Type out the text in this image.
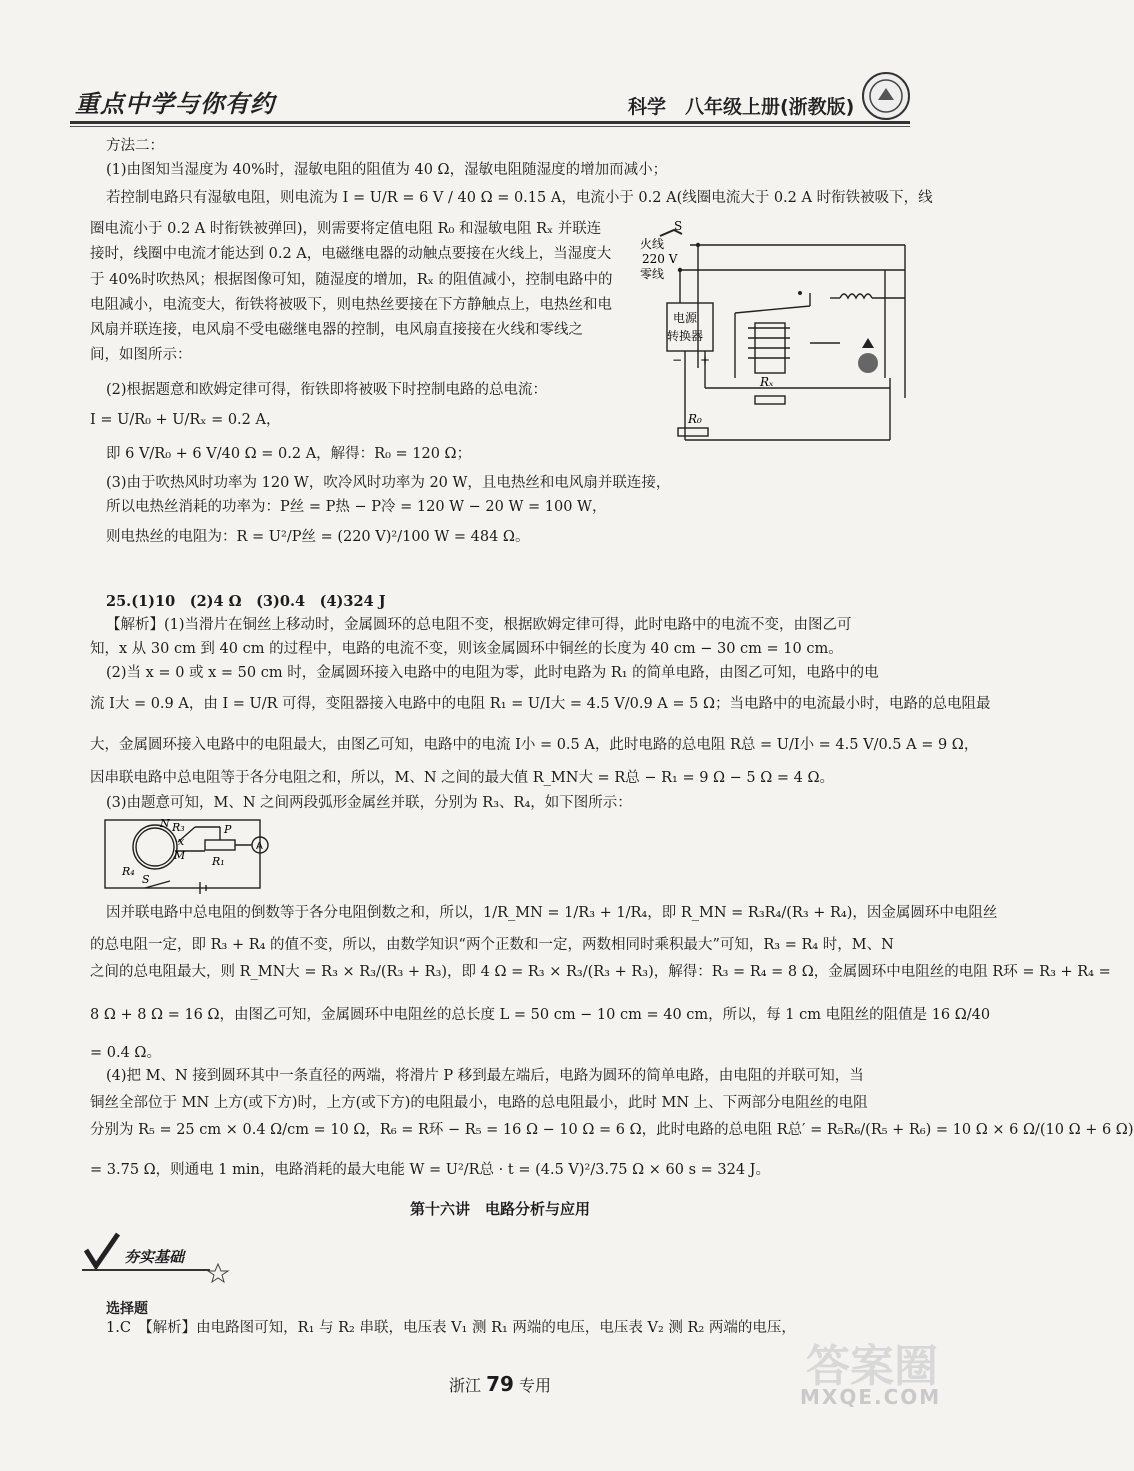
重点中学与你有约	科学　八年级上册(浙教版)
方法二：
(1)由图知当湿度为 40%时，湿敏电阻的阻值为 40 Ω，湿敏电阻随湿度的增加而减小；
若控制电路只有湿敏电阻，则电流为 I = U/R = 6 V / 40 Ω = 0.15 A，电流小于 0.2 A(线圈电流大于 0.2 A 时衔铁被吸下，线
圈电流小于 0.2 A 时衔铁被弹回)，则需要将定值电阻 R₀ 和湿敏电阻 Rₓ 并联连
接时，线圈中电流才能达到 0.2 A，电磁继电器的动触点要接在火线上，当湿度大
于 40%时吹热风；根据图像可知，随湿度的增加，Rₓ 的阻值减小，控制电路中的
电阻减小，电流变大，衔铁将被吸下，则电热丝要接在下方静触点上，电热丝和电
风扇并联连接，电风扇不受电磁继电器的控制，电风扇直接接在火线和零线之
间，如图所示：
(2)根据题意和欧姆定律可得，衔铁即将被吸下时控制电路的总电流：
I = U/R₀ + U/Rₓ = 0.2 A，
即 6 V/R₀ + 6 V/40 Ω = 0.2 A，解得：R₀ = 120 Ω；
(3)由于吹热风时功率为 120 W，吹冷风时功率为 20 W，且电热丝和电风扇并联连接，
所以电热丝消耗的功率为：P丝 = P热 − P冷 = 120 W − 20 W = 100 W，
则电热丝的电阻为：R = U²/P丝 = (220 V)²/100 W = 484 Ω。
火线
220 V
零线
S
电源
转换器
− +
Rₓ
R₀
25.(1)10　(2)4 Ω　(3)0.4　(4)324 J
【解析】(1)当滑片在铜丝上移动时，金属圆环的总电阻不变，根据欧姆定律可得，此时电路中的电流不变，由图乙可
知，x 从 30 cm 到 40 cm 的过程中，电路的电流不变，则该金属圆环中铜丝的长度为 40 cm − 30 cm = 10 cm。
(2)当 x = 0 或 x = 50 cm 时，金属圆环接入电路中的电阻为零，此时电路为 R₁ 的简单电路，由图乙可知，电路中的电
流 I大 = 0.9 A，由 I = U/R 可得，变阻器接入电路中的电阻 R₁ = U/I大 = 4.5 V/0.9 A = 5 Ω；当电路中的电流最小时，电路的总电阻最
大，金属圆环接入电路中的电阻最大，由图乙可知，电路中的电流 I小 = 0.5 A，此时电路的总电阻 R总 = U/I小 = 4.5 V/0.5 A = 9 Ω，
因串联电路中总电阻等于各分电阻之和，所以，M、N 之间的最大值 R_MN大 = R总 − R₁ = 9 Ω − 5 Ω = 4 Ω。
(3)由题意可知，M、N 之间两段弧形金属丝并联，分别为 R₃、R₄，如下图所示：
N R₃
x
M
R₄
P
R₁
A
S
因并联电路中总电阻的倒数等于各分电阻倒数之和，所以，1/R_MN = 1/R₃ + 1/R₄，即 R_MN = R₃R₄/(R₃ + R₄)，因金属圆环中电阻丝
的总电阻一定，即 R₃ + R₄ 的值不变，所以，由数学知识“两个正数和一定，两数相同时乘积最大”可知，R₃ = R₄ 时，M、N
之间的总电阻最大，则 R_MN大 = R₃ × R₃/(R₃ + R₃)，即 4 Ω = R₃ × R₃/(R₃ + R₃)，解得：R₃ = R₄ = 8 Ω，金属圆环中电阻丝的电阻 R环 = R₃ + R₄ =
8 Ω + 8 Ω = 16 Ω，由图乙可知，金属圆环中电阻丝的总长度 L = 50 cm − 10 cm = 40 cm，所以，每 1 cm 电阻丝的阻值是 16 Ω/40
= 0.4 Ω。
(4)把 M、N 接到圆环其中一条直径的两端，将滑片 P 移到最左端后，电路为圆环的简单电路，由电阻的并联可知，当
铜丝全部位于 MN 上方(或下方)时，上方(或下方)的电阻最小，电路的总电阻最小，此时 MN 上、下两部分电阻丝的电阻
分别为 R₅ = 25 cm × 0.4 Ω/cm = 10 Ω，R₆ = R环 − R₅ = 16 Ω − 10 Ω = 6 Ω，此时电路的总电阻 R总′ = R₅R₆/(R₅ + R₆) = 10 Ω × 6 Ω/(10 Ω + 6 Ω)
= 3.75 Ω，则通电 1 min，电路消耗的最大电能 W = U²/R总 · t = (4.5 V)²/3.75 Ω × 60 s = 324 J。
第十六讲　电路分析与应用
夯实基础
选择题
1.C　【解析】由电路图可知，R₁ 与 R₂ 串联，电压表 V₁ 测 R₁ 两端的电压，电压表 V₂ 测 R₂ 两端的电压，
浙江 79 专用	答案圈
MXQE.COM
